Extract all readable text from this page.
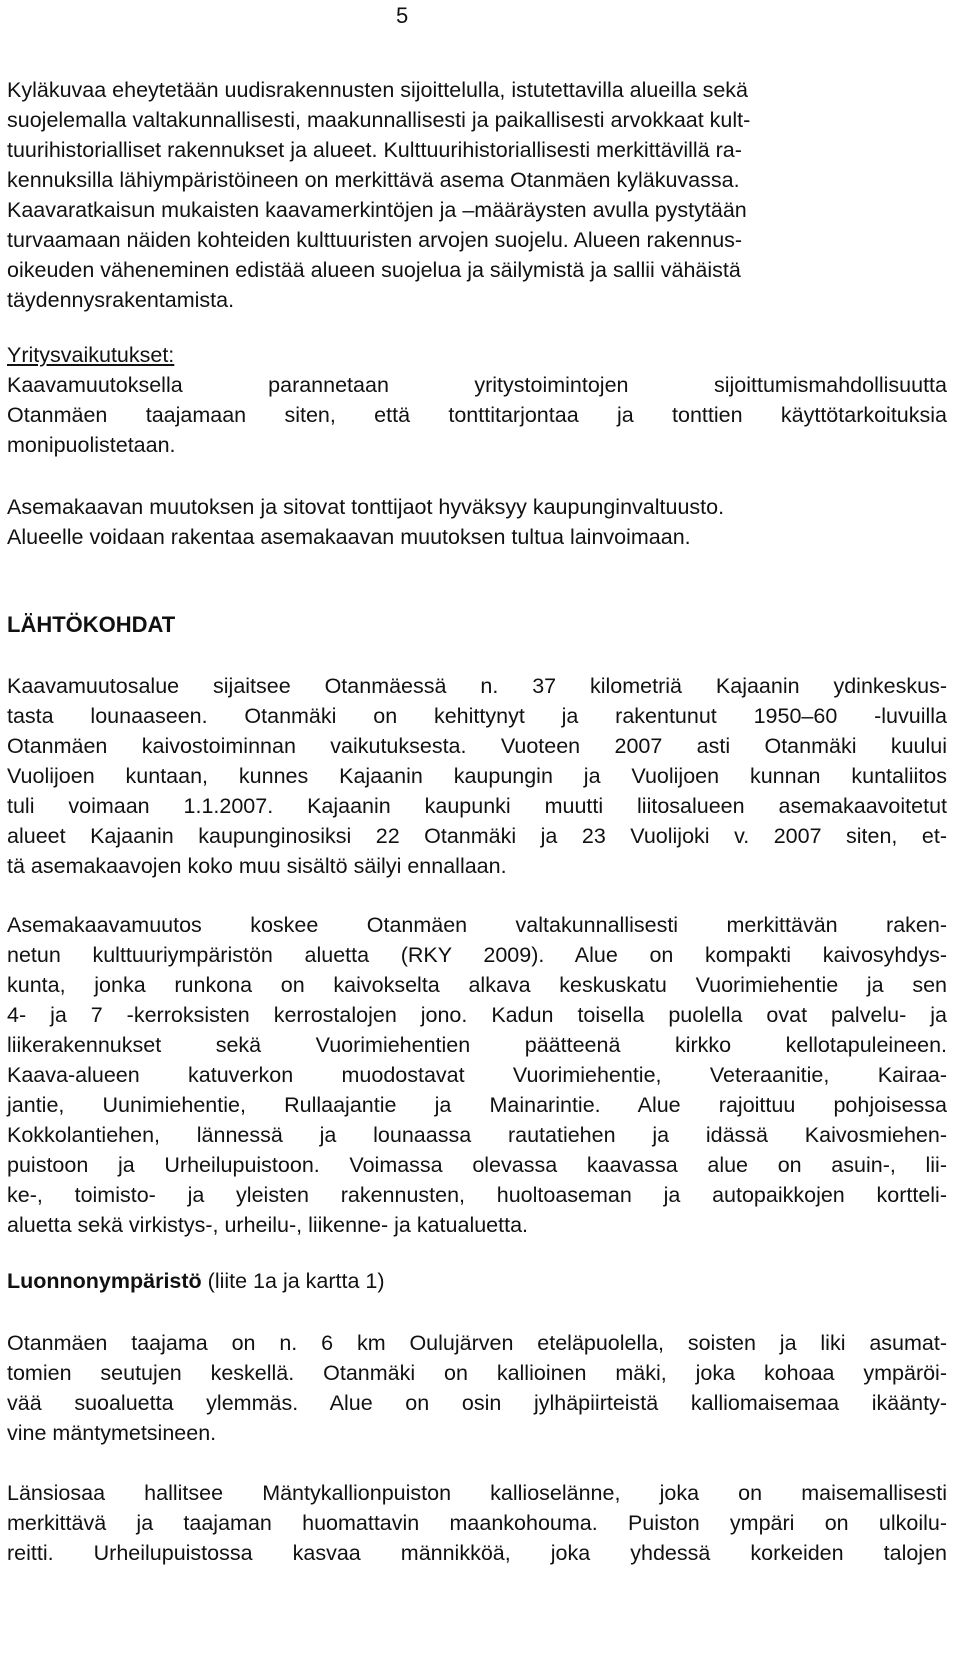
5
Kyläkuvaa eheytetään uudisrakennusten sijoittelulla, istutettavilla alueilla sekä
suojelemalla valtakunnallisesti, maakunnallisesti ja paikallisesti arvokkaat kult-
tuurihistorialliset rakennukset ja alueet. Kulttuurihistoriallisesti merkittävillä ra-
kennuksilla lähiympäristöineen on merkittävä asema Otanmäen kyläkuvassa.
Kaavaratkaisun mukaisten kaavamerkintöjen ja –määräysten avulla pystytään
turvaamaan näiden kohteiden kulttuuristen arvojen suojelu. Alueen rakennus-
oikeuden väheneminen edistää alueen suojelua ja säilymistä ja sallii vähäistä
täydennysrakentamista.
Yritysvaikutukset:
Kaavamuutoksella parannetaan yritystoimintojen sijoittumismahdollisuutta
Otanmäen taajamaan siten, että tonttitarjontaa ja tonttien käyttötarkoituksia
monipuolistetaan.
Asemakaavan muutoksen ja sitovat tonttijaot hyväksyy kaupunginvaltuusto.
Alueelle voidaan rakentaa asemakaavan muutoksen tultua lainvoimaan.
LÄHTÖKOHDAT
Kaavamuutosalue sijaitsee Otanmäessä n. 37 kilometriä Kajaanin ydinkeskus-
tasta lounaaseen. Otanmäki on kehittynyt ja rakentunut 1950–60 -luvuilla
Otanmäen kaivostoiminnan vaikutuksesta. Vuoteen 2007 asti Otanmäki kuului
Vuolijoen kuntaan, kunnes Kajaanin kaupungin ja Vuolijoen kunnan kuntaliitos
tuli voimaan 1.1.2007. Kajaanin kaupunki muutti liitosalueen asemakaavoitetut
alueet Kajaanin kaupunginosiksi 22 Otanmäki ja 23 Vuolijoki v. 2007 siten, et-
tä asemakaavojen koko muu sisältö säilyi ennallaan.
Asemakaavamuutos koskee Otanmäen valtakunnallisesti merkittävän raken-
netun kulttuuriympäristön aluetta (RKY 2009). Alue on kompakti kaivosyhdys-
kunta, jonka runkona on kaivokselta alkava keskuskatu Vuorimiehentie ja sen
4- ja 7 -kerroksisten kerrostalojen jono. Kadun toisella puolella ovat palvelu- ja
liikerakennukset sekä Vuorimiehentien päätteenä kirkko kellotapuleineen.
Kaava-alueen katuverkon muodostavat Vuorimiehentie, Veteraanitie, Kairaa-
jantie, Uunimiehentie, Rullaajantie ja Mainarintie. Alue rajoittuu pohjoisessa
Kokkolantiehen, lännessä ja lounaassa rautatiehen ja idässä Kaivosmiehen-
puistoon ja Urheilupuistoon. Voimassa olevassa kaavassa alue on asuin-, lii-
ke-, toimisto- ja yleisten rakennusten, huoltoaseman ja autopaikkojen kortteli-
aluetta sekä virkistys-, urheilu-, liikenne- ja katualuetta.
Luonnonympäristö (liite 1a ja kartta 1)
Otanmäen taajama on n. 6 km Oulujärven eteläpuolella, soisten ja liki asumat-
tomien seutujen keskellä. Otanmäki on kallioinen mäki, joka kohoaa ympäröi-
vää suoaluetta ylemmäs. Alue on osin jylhäpiirteistä kalliomaisemaa ikäänty-
vine mäntymetsineen.
Länsiosaa hallitsee Mäntykallionpuiston kallioselänne, joka on maisemallisesti
merkittävä ja taajaman huomattavin maankohouma. Puiston ympäri on ulkoilu-
reitti. Urheilupuistossa kasvaa männikköä, joka yhdessä korkeiden talojen
